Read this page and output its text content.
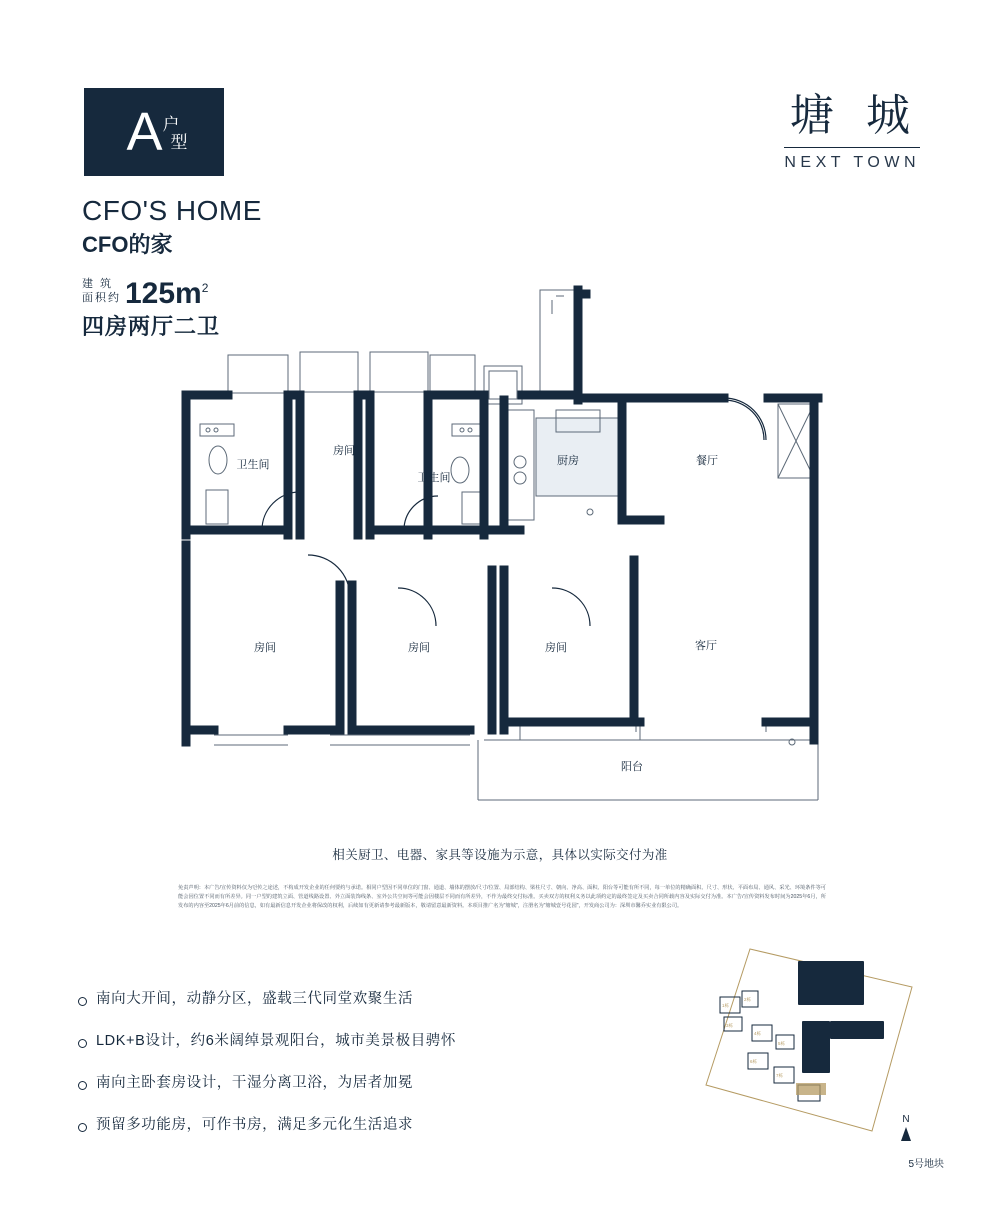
A 户
型
塘 城
NEXT TOWN
CFO'S HOME
CFO的家
建 筑
面积约 $125m^2$
四房两厅二卫
卫生间
房间
卫生间
厨房	餐厅
房间	房间	房间	客厅
阳台
相关厨卫、电器、家具等设施为示意，具体以实际交付为准
免责声明：本广告/宣传资料仅为던传之途述，不构成开发企业的任何要约与承诺。相同户型因不同单位的门窗、通道、墙体的摆放/尺寸/位置、局部结构、梁柱尺寸、朝向、净高、面积、阳台等可能有所不同，每一单位的精确面积、尺寸、形状、平面布局、通风、采光、环境条件等可能会因位置不同而有所差异。同一户型的建筑立面、管道线路设置、外立面装饰线条、室外公共空间等可能会因楼层不同而有所差异，不作为最终交付标准。买卖双方的权利义务以此项约定的最终签定及买卖合同所载内容及实际交付为准。本广告/宣传资料发布时间为2025年6月，所发布的内容至2025年6月前的信息，如有最新信息开发企业将保改的权利，后续如有更新请参考最新版本，敬请留意最新资料。本项目推广名为"塘城"，注册名为"塘城壹号花园"，开发商公司为：深圳市馨乔实业有限公司。
南向大开间，动静分区，盛载三代同堂欢聚生活
LDK+B设计，约6米阔绰景观阳台，城市美景极目骋怀
南向主卧套房设计，干湿分离卫浴，为居者加冕
预留多功能房，可作书房，满足多元化生活追求
1栋
2栋
3栋
4栋
5栋
6栋
7栋
N
5号地块
